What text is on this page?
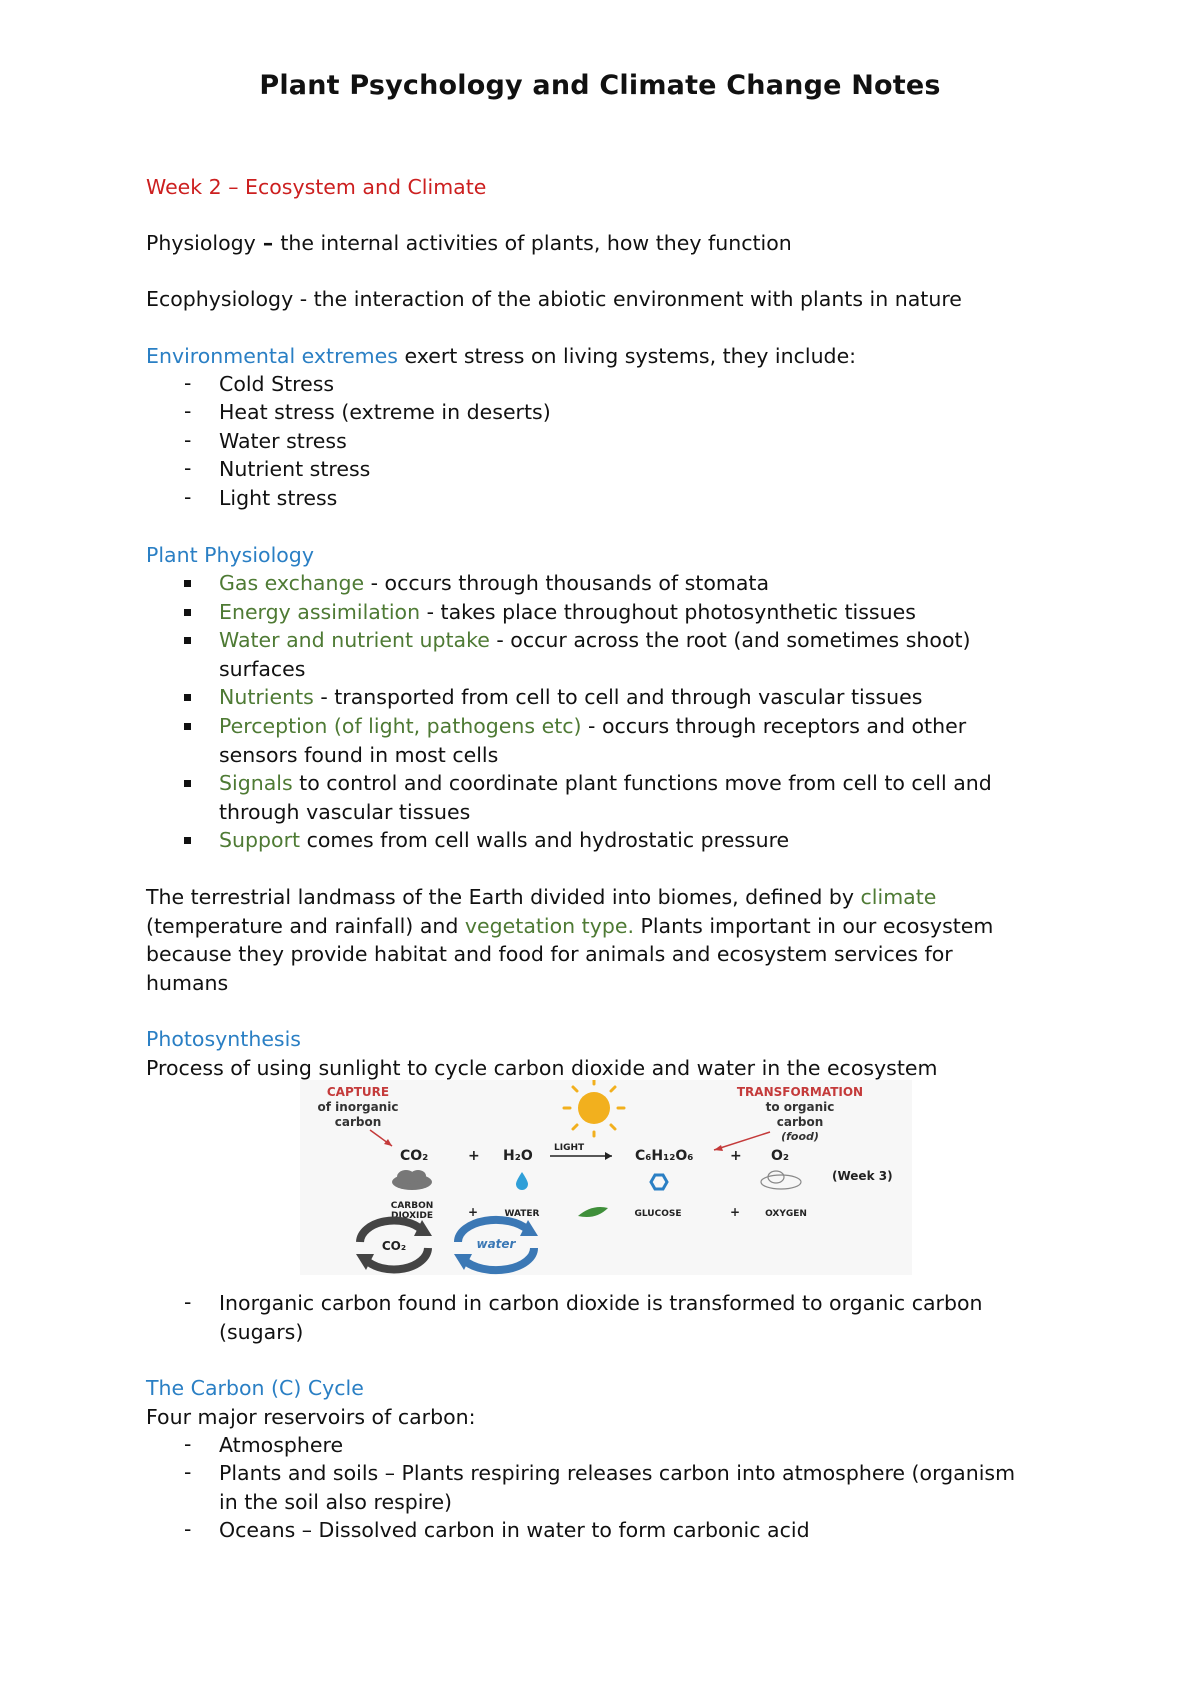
Plant Psychology and Climate Change Notes
Week 2 – Ecosystem and Climate
Physiology – the internal activities of plants, how they function
Ecophysiology - the interaction of the abiotic environment with plants in nature
Environmental extremes exert stress on living systems, they include:
- Cold Stress
- Heat stress (extreme in deserts)
- Water stress
- Nutrient stress
- Light stress
Plant Physiology
Gas exchange - occurs through thousands of stomata
Energy assimilation - takes place throughout photosynthetic tissues
Water and nutrient uptake - occur across the root (and sometimes shoot)
surfaces
Nutrients - transported from cell to cell and through vascular tissues
Perception (of light, pathogens etc) - occurs through receptors and other
sensors found in most cells
Signals to control and coordinate plant functions move from cell to cell and
through vascular tissues
Support comes from cell walls and hydrostatic pressure
The terrestrial landmass of the Earth divided into biomes, defined by climate
(temperature and rainfall) and vegetation type. Plants important in our ecosystem
because they provide habitat and food for animals and ecosystem services for
humans
Photosynthesis
Process of using sunlight to cycle carbon dioxide and water in the ecosystem
CAPTURE
of inorganic
carbon
TRANSFORMATION
to organic
carbon
(food)
CO₂	+ H₂O LIGHT	C₆H₁₂O₆	+ O₂
(Week 3)
CARBON
DIOXIDE	+	WATER	GLUCOSE	+	OXYGEN
CO₂	water
- Inorganic carbon found in carbon dioxide is transformed to organic carbon
(sugars)
The Carbon (C) Cycle
Four major reservoirs of carbon:
- Atmosphere
- Plants and soils – Plants respiring releases carbon into atmosphere (organism
in the soil also respire)
- Oceans – Dissolved carbon in water to form carbonic acid
